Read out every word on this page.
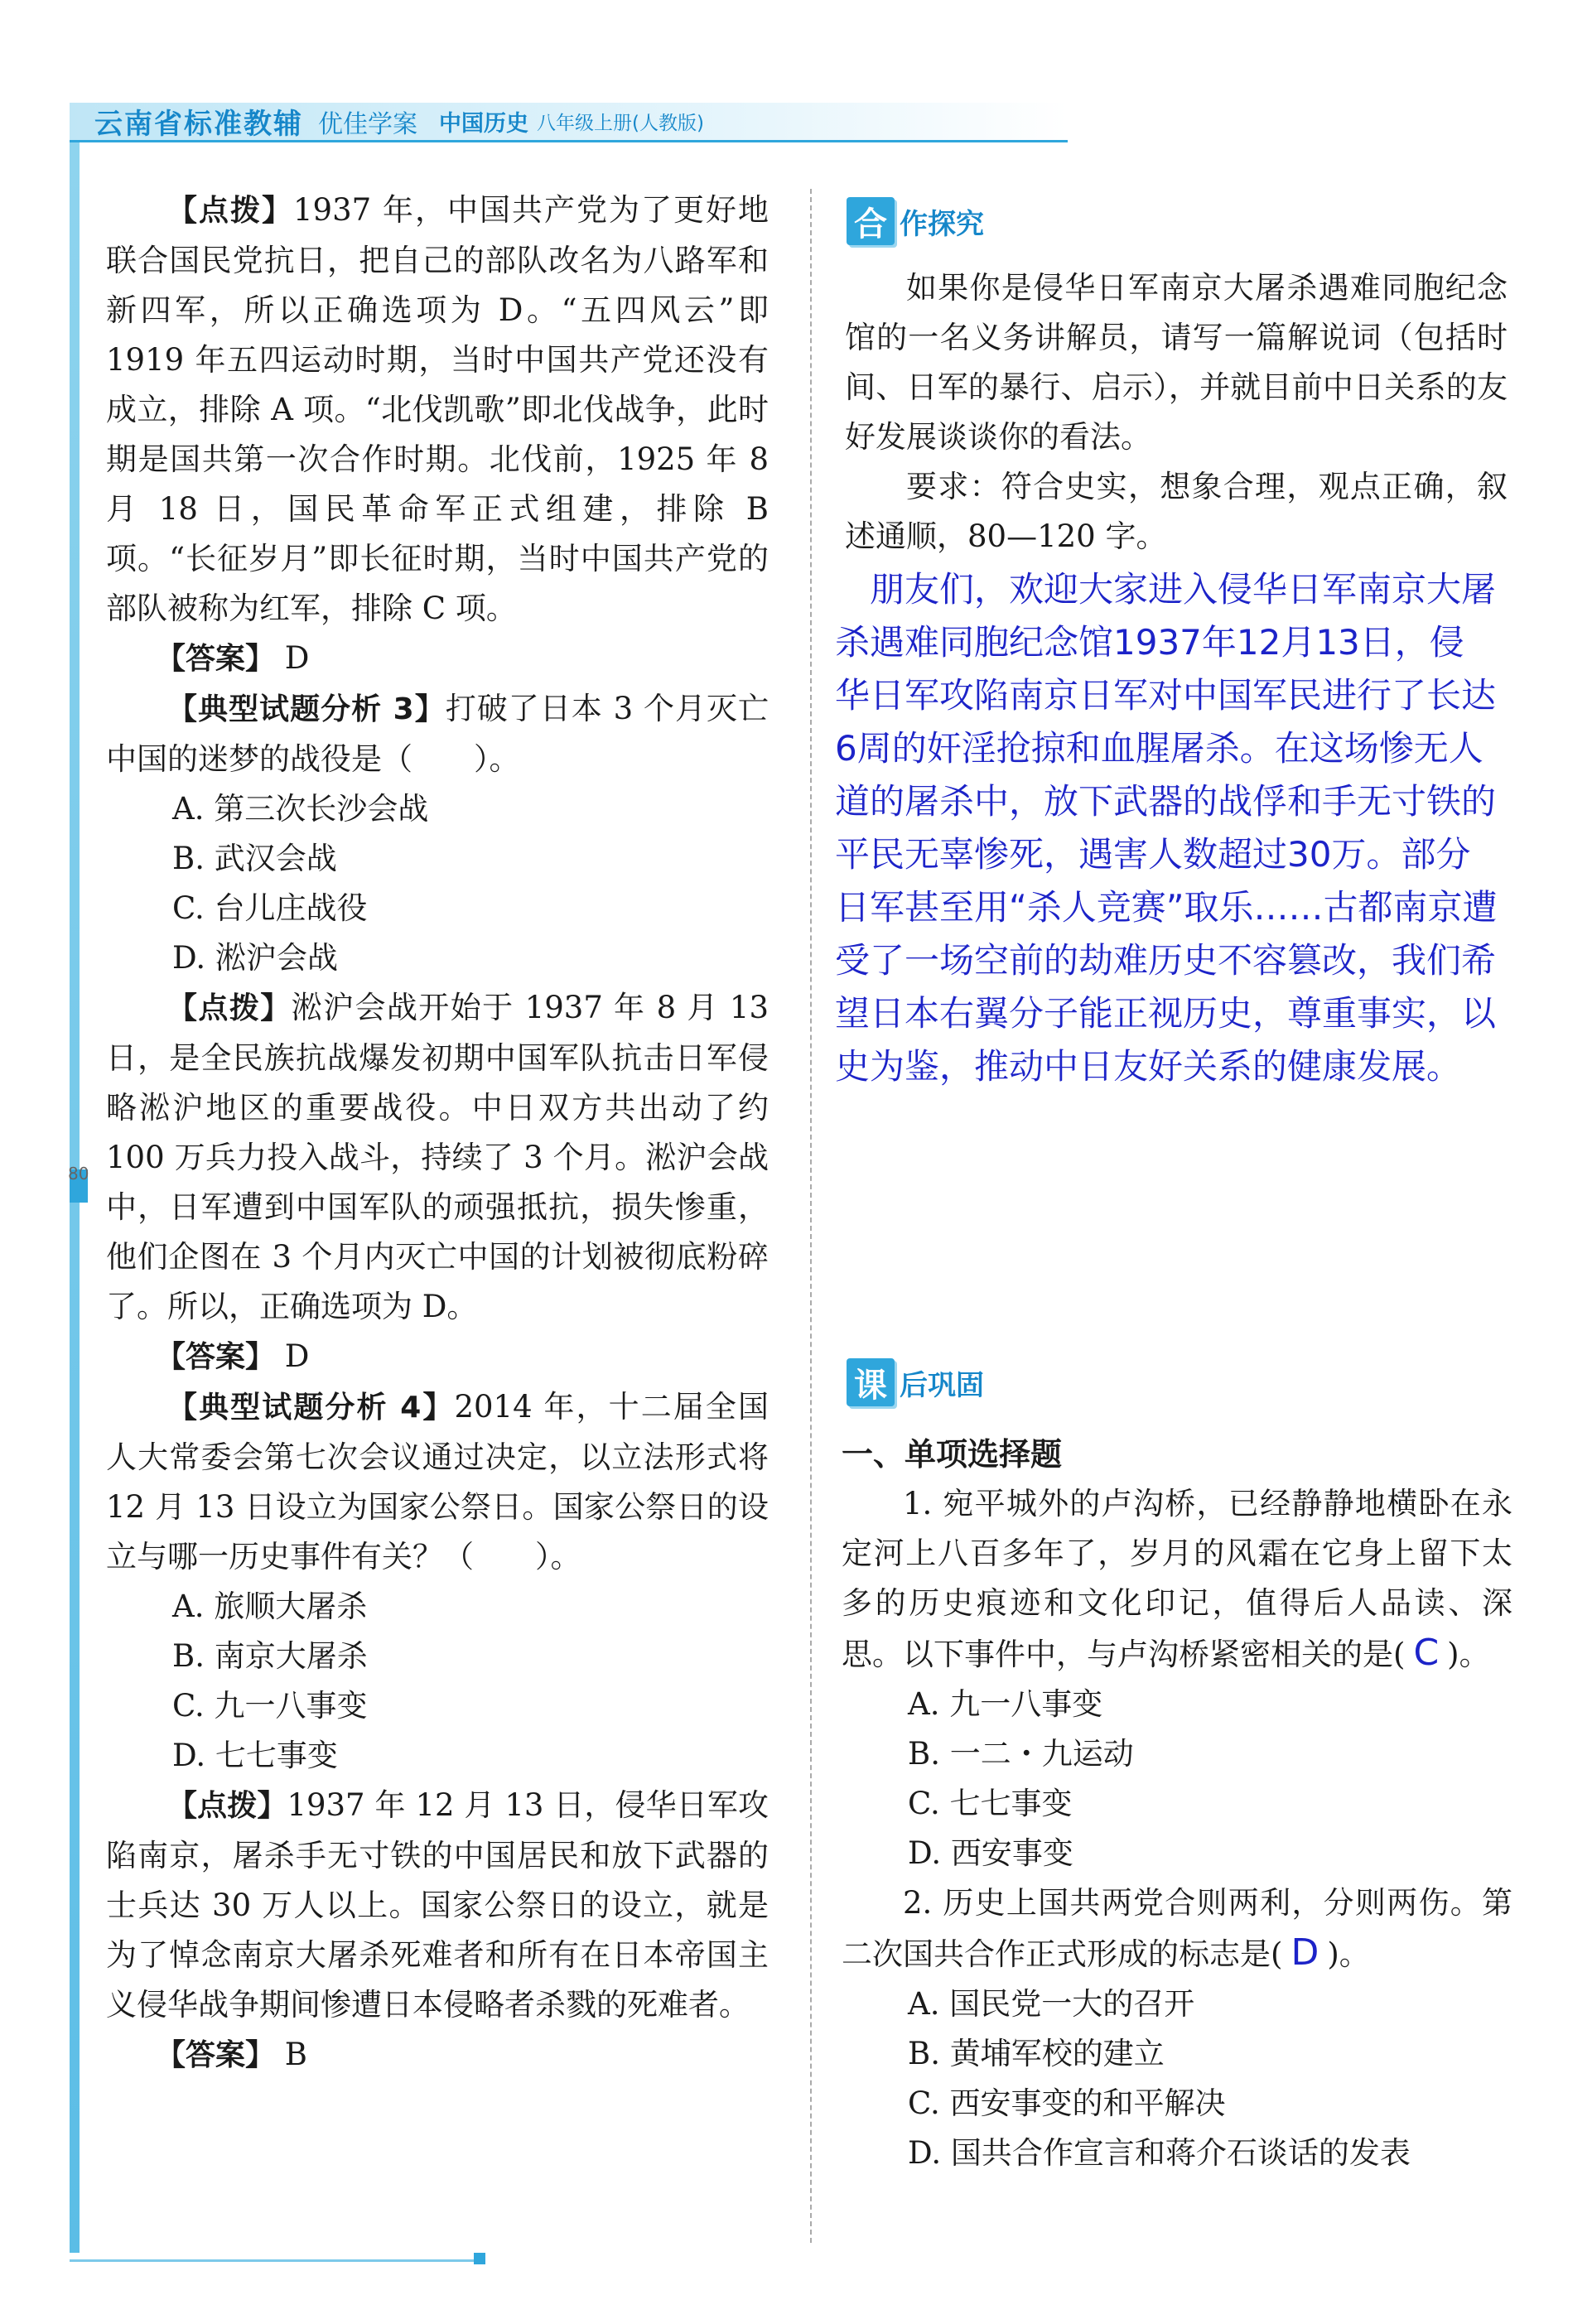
云南省标准教辅 优佳学案 中国历史 八年级上册(人教版)
80

【点拨】1937 年，中国共产党为了更好地联合国民党抗日，把自己的部队改名为八路军和新四军，所以正确选项为 D。“五四风云”即 1919 年五四运动时期，当时中国共产党还没有成立，排除 A 项。“北伐凯歌”即北伐战争，此时期是国共第一次合作时期。北伐前，1925 年 8 月 18 日，国民革命军正式组建，排除 B 项。“长征岁月”即长征时期，当时中国共产党的部队被称为红军，排除 C 项。

【答案】 D

【典型试题分析 3】打破了日本 3 个月灭亡中国的迷梦的战役是（　　）。

A. 第三次长沙会战

B. 武汉会战

C. 台儿庄战役

D. 淞沪会战

【点拨】淞沪会战开始于 1937 年 8 月 13 日，是全民族抗战爆发初期中国军队抗击日军侵略淞沪地区的重要战役。中日双方共出动了约 100 万兵力投入战斗，持续了 3 个月。淞沪会战中，日军遭到中国军队的顽强抵抗，损失惨重，他们企图在 3 个月内灭亡中国的计划被彻底粉碎了。所以，正确选项为 D。

【答案】 D

【典型试题分析 4】2014 年，十二届全国人大常委会第七次会议通过决定，以立法形式将 12 月 13 日设立为国家公祭日。国家公祭日的设立与哪一历史事件有关？（　　）。

A. 旅顺大屠杀

B. 南京大屠杀

C. 九一八事变

D. 七七事变

【点拨】1937 年 12 月 13 日，侵华日军攻陷南京，屠杀手无寸铁的中国居民和放下武器的士兵达 30 万人以上。国家公祭日的设立，就是为了悼念南京大屠杀死难者和所有在日本帝国主义侵华战争期间惨遭日本侵略者杀戮的死难者。

【答案】 B

合 作探究

如果你是侵华日军南京大屠杀遇难同胞纪念馆的一名义务讲解员，请写一篇解说词（包括时间、日军的暴行、启示），并就目前中日关系的友好发展谈谈你的看法。

要求：符合史实，想象合理，观点正确，叙述通顺，80—120 字。

朋友们，欢迎大家进入侵华日军南京大屠杀遇难同胞纪念馆1937年12月13日，侵华日军攻陷南京日军对中国军民进行了长达6周的奸淫抢掠和血腥屠杀。在这场惨无人道的屠杀中，放下武器的战俘和手无寸铁的平民无辜惨死，遇害人数超过30万。部分日军甚至用“杀人竞赛”取乐……古都南京遭受了一场空前的劫难历史不容篡改，我们希望日本右翼分子能正视历史，尊重事实，以史为鉴，推动中日友好关系的健康发展。

课 后巩固

一、单项选择题

1. 宛平城外的卢沟桥，已经静静地横卧在永定河上八百多年了，岁月的风霜在它身上留下太多的历史痕迹和文化印记，值得后人品读、深思。以下事件中，与卢沟桥紧密相关的是( C )。

A. 九一八事变

B. 一二・九运动

C. 七七事变

D. 西安事变

2. 历史上国共两党合则两利，分则两伤。第二次国共合作正式形成的标志是( D )。

A. 国民党一大的召开

B. 黄埔军校的建立

C. 西安事变的和平解决

D. 国共合作宣言和蒋介石谈话的发表
